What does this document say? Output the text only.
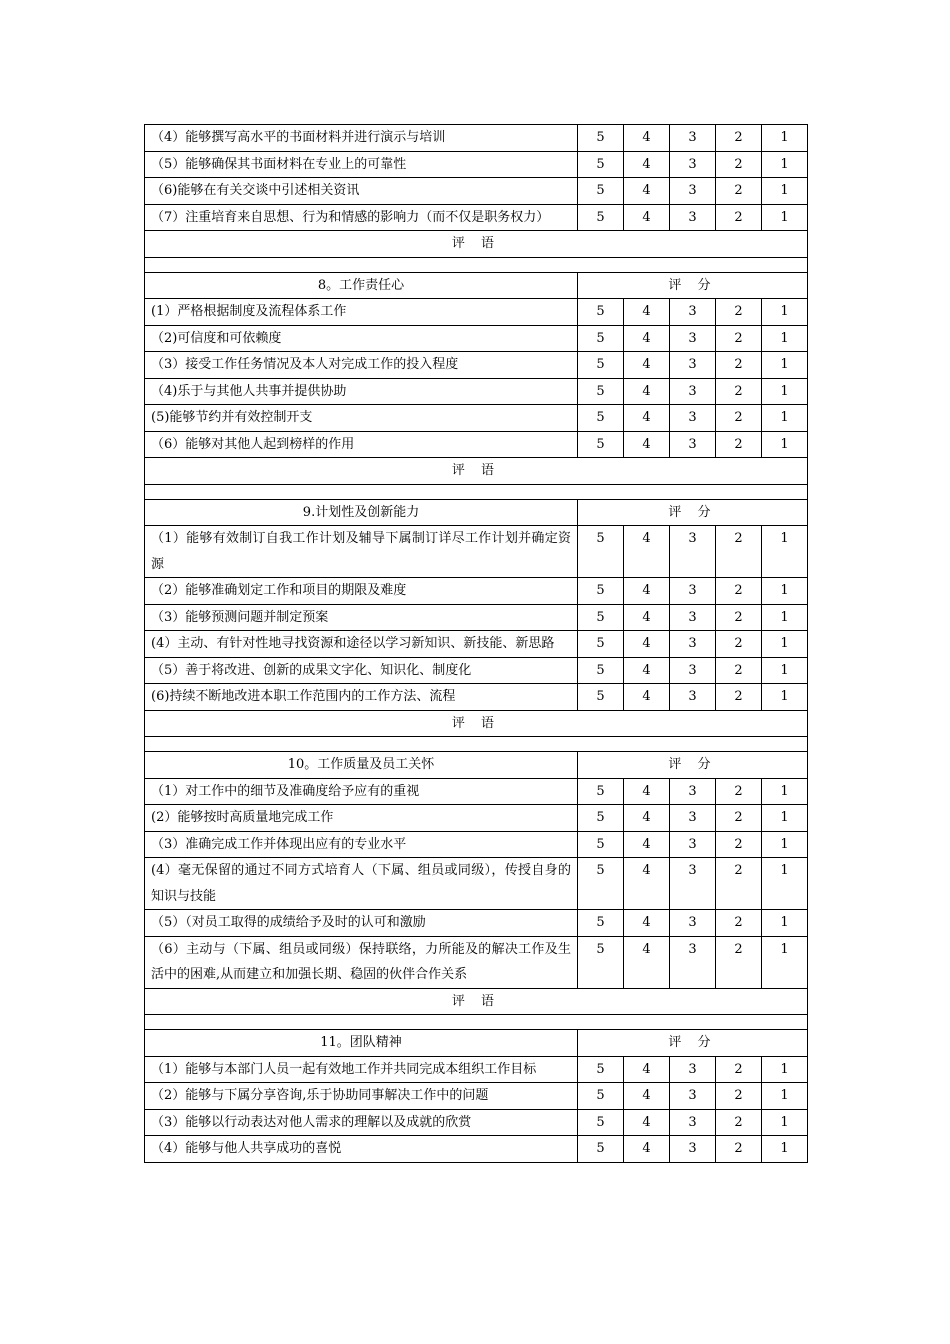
（4）能够撰写高水平的书面材料并进行演示与培训	5	4	3	2	1
（5）能够确保其书面材料在专业上的可靠性	5	4	3	2	1
（6)能够在有关交谈中引述相关资讯	5	4	3	2	1
（7）注重培育来自思想、行为和情感的影响力（而不仅是职务权力）	5	4	3	2	1
评 语					

8。工作责任心	评 分				
(1）严格根据制度及流程体系工作	5	4	3	2	1
（2)可信度和可依赖度	5	4	3	2	1
（3）接受工作任务情况及本人对完成工作的投入程度	5	4	3	2	1
（4)乐于与其他人共事并提供协助	5	4	3	2	1
(5)能够节约并有效控制开支	5	4	3	2	1
（6）能够对其他人起到榜样的作用	5	4	3	2	1
评 语					

9.计划性及创新能力	评 分				
（1）能够有效制订自我工作计划及辅导下属制订详尽工作计划并确定资源	5	4	3	2	1
（2）能够准确划定工作和项目的期限及难度	5	4	3	2	1
（3）能够预测问题并制定预案	5	4	3	2	1
(4）主动、有针对性地寻找资源和途径以学习新知识、新技能、新思路	5	4	3	2	1
（5）善于将改进、创新的成果文字化、知识化、制度化	5	4	3	2	1
(6)持续不断地改进本职工作范围内的工作方法、流程	5	4	3	2	1
评 语					

10。工作质量及员工关怀	评 分				
（1）对工作中的细节及准确度给予应有的重视	5	4	3	2	1
(2）能够按时高质量地完成工作	5	4	3	2	1
（3）准确完成工作并体现出应有的专业水平	5	4	3	2	1
(4）毫无保留的通过不同方式培育人（下属、组员或同级），传授自身的知识与技能	5	4	3	2	1
（5）（对员工取得的成绩给予及时的认可和激励	5	4	3	2	1
（6）主动与（下属、组员或同级）保持联络，力所能及的解决工作及生活中的困难,从而建立和加强长期、稳固的伙伴合作关系	5	4	3	2	1
评 语					

11。团队精神	评 分				
（1）能够与本部门人员一起有效地工作并共同完成本组织工作目标	5	4	3	2	1
（2）能够与下属分享咨询,乐于协助同事解决工作中的问题	5	4	3	2	1
（3）能够以行动表达对他人需求的理解以及成就的欣赏	5	4	3	2	1
（4）能够与他人共享成功的喜悦	5	4	3	2	1
